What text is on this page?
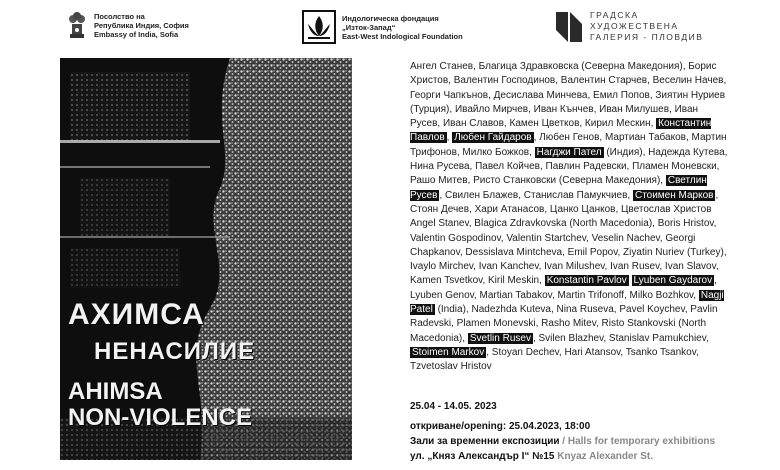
Посолство на
Република Индия, София
Embassy of India, Sofia
Индологическа фондация
„Изток-Запад“
East-West Indological Foundation
ГРАДСКА
ХУДОЖЕСТВЕНА
ГАЛЕРИЯ - ПЛОВДИВ
АХИМСА
НЕНАСИЛИЕ
AHIMSA
NON-VIOLENCE
Ангел Станев, Благица Здравковска (Северна Македония), Борис Христов, Валентин Господинов, Валентин Старчев, Веселин Начев, Георги Чапкънов, Десислава Минчева, Емил Попов, Зиятин Нуриев (Турция), Ивайло Мирчев, Иван Кънчев, Иван Милушев, Иван Русев, Иван Славов, Камен Цветков, Кирил Мескин, Константин Павлов , Любен Гайдаров , Любен Генов, Мартиан Табаков, Мартин Трифонов, Милко Божков, Нагджи Пател (Индия), Надежда Кутева, Нина Русева, Павел Койчев, Павлин Радевски, Пламен Моневски, Рашо Митев, Ристо Станковски (Северна Македония), Светлин Русев , Свилен Блажев, Станислав Памукчиев, Стоимен Марков , Стоян Дечев, Хари Атанасов, Цанко Цанков, Цветослав Христов Angel Stanev, Blagica Zdravkovska (North Macedonia), Boris Hristov, Valentin Gospodinov, Valentin Startchev, Veselin Nachev, Georgi Chapkanov, Dessislava Mintcheva, Emil Popov, Ziyatin Nuriev (Turkey), Ivaylo Mirchev, Ivan Kanchev, Ivan Milushev, Ivan Rusev, Ivan Slavov, Kamen Tsvetkov, Kiril Meskin, Konstantin Pavlov Lyuben Gaydarov , Lyuben Genov, Martian Tabakov, Martin Trifonoff, Milko Bozhkov, Nagji Patel (India), Nadezhda Kuteva, Nina Ruseva, Pavel Koychev, Pavlin Radevski, Plamen Monevski, Rasho Mitev, Risto Stankovski (North Macedonia), Svetlin Rusev , Svilen Blazhev, Stanislav Pamukchiev, Stoimen Markov , Stoyan Dechev, Hari Atansov, Tsanko Tsankov, Tzvetoslav Hristov
25.04 - 14.05. 2023
откриване/opening: 25.04.2023, 18:00
Зали за временни експозиции / Halls for temporary exhibitions
ул. „Княз Александър I“ №15 Knyaz Alexander St.
